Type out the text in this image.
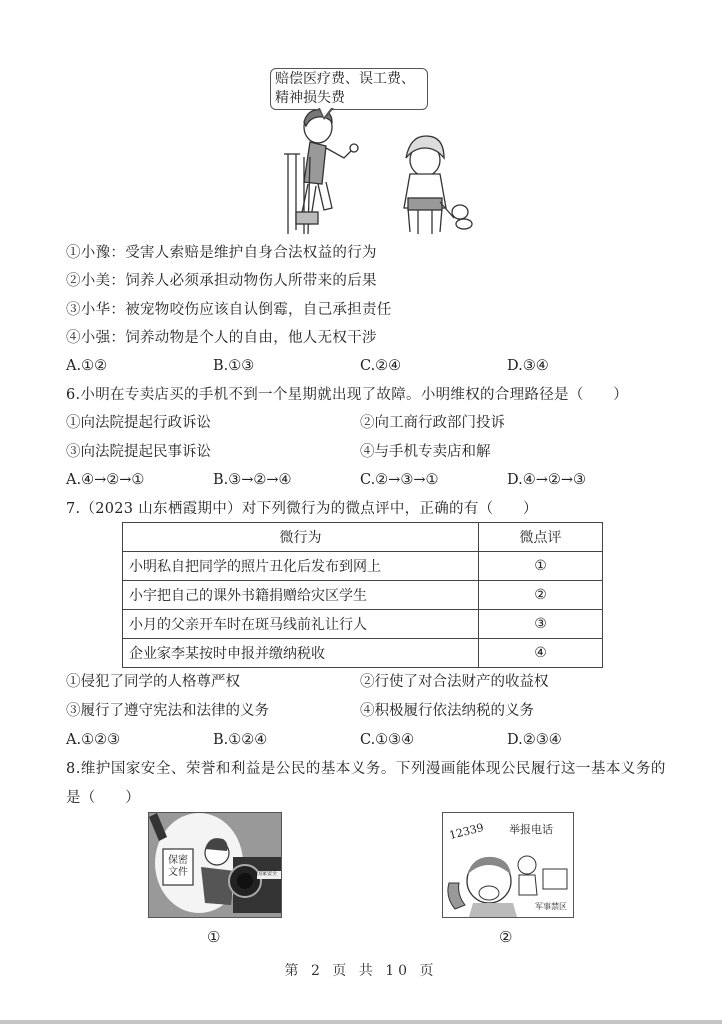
赔偿医疗费、误工费、
精神损失费
①小豫：受害人索赔是维护自身合法权益的行为
②小美：饲养人必须承担动物伤人所带来的后果
③小华：被宠物咬伤应该自认倒霉，自己承担责任
④小强：饲养动物是个人的自由，他人无权干涉
A.①②	B.①③	C.②④	D.③④
6.小明在专卖店买的手机不到一个星期就出现了故障。小明维权的合理路径是（　　）
①向法院提起行政诉讼	②向工商行政部门投诉
③向法院提起民事诉讼	④与手机专卖店和解
A.④→②→①	B.③→②→④	C.②→③→①	D.④→②→③
7.（2023 山东栖霞期中）对下列微行为的微点评中，正确的有（　　）
微行为	微点评
小明私自把同学的照片丑化后发布到网上	①
小宇把自己的课外书籍捐赠给灾区学生	②
小月的父亲开车时在斑马线前礼让行人	③
企业家李某按时申报并缴纳税收	④
①侵犯了同学的人格尊严权	②行使了对合法财产的收益权
③履行了遵守宪法和法律的义务	④积极履行依法纳税的义务
A.①②③	B.①②④	C.①③④	D.②③④
8.维护国家安全、荣誉和利益是公民的基本义务。下列漫画能体现公民履行这一基本义务的
是（　　）
保密文件	国家安全
①
12339 举报电话
军事禁区
②
第 2 页 共 10 页
